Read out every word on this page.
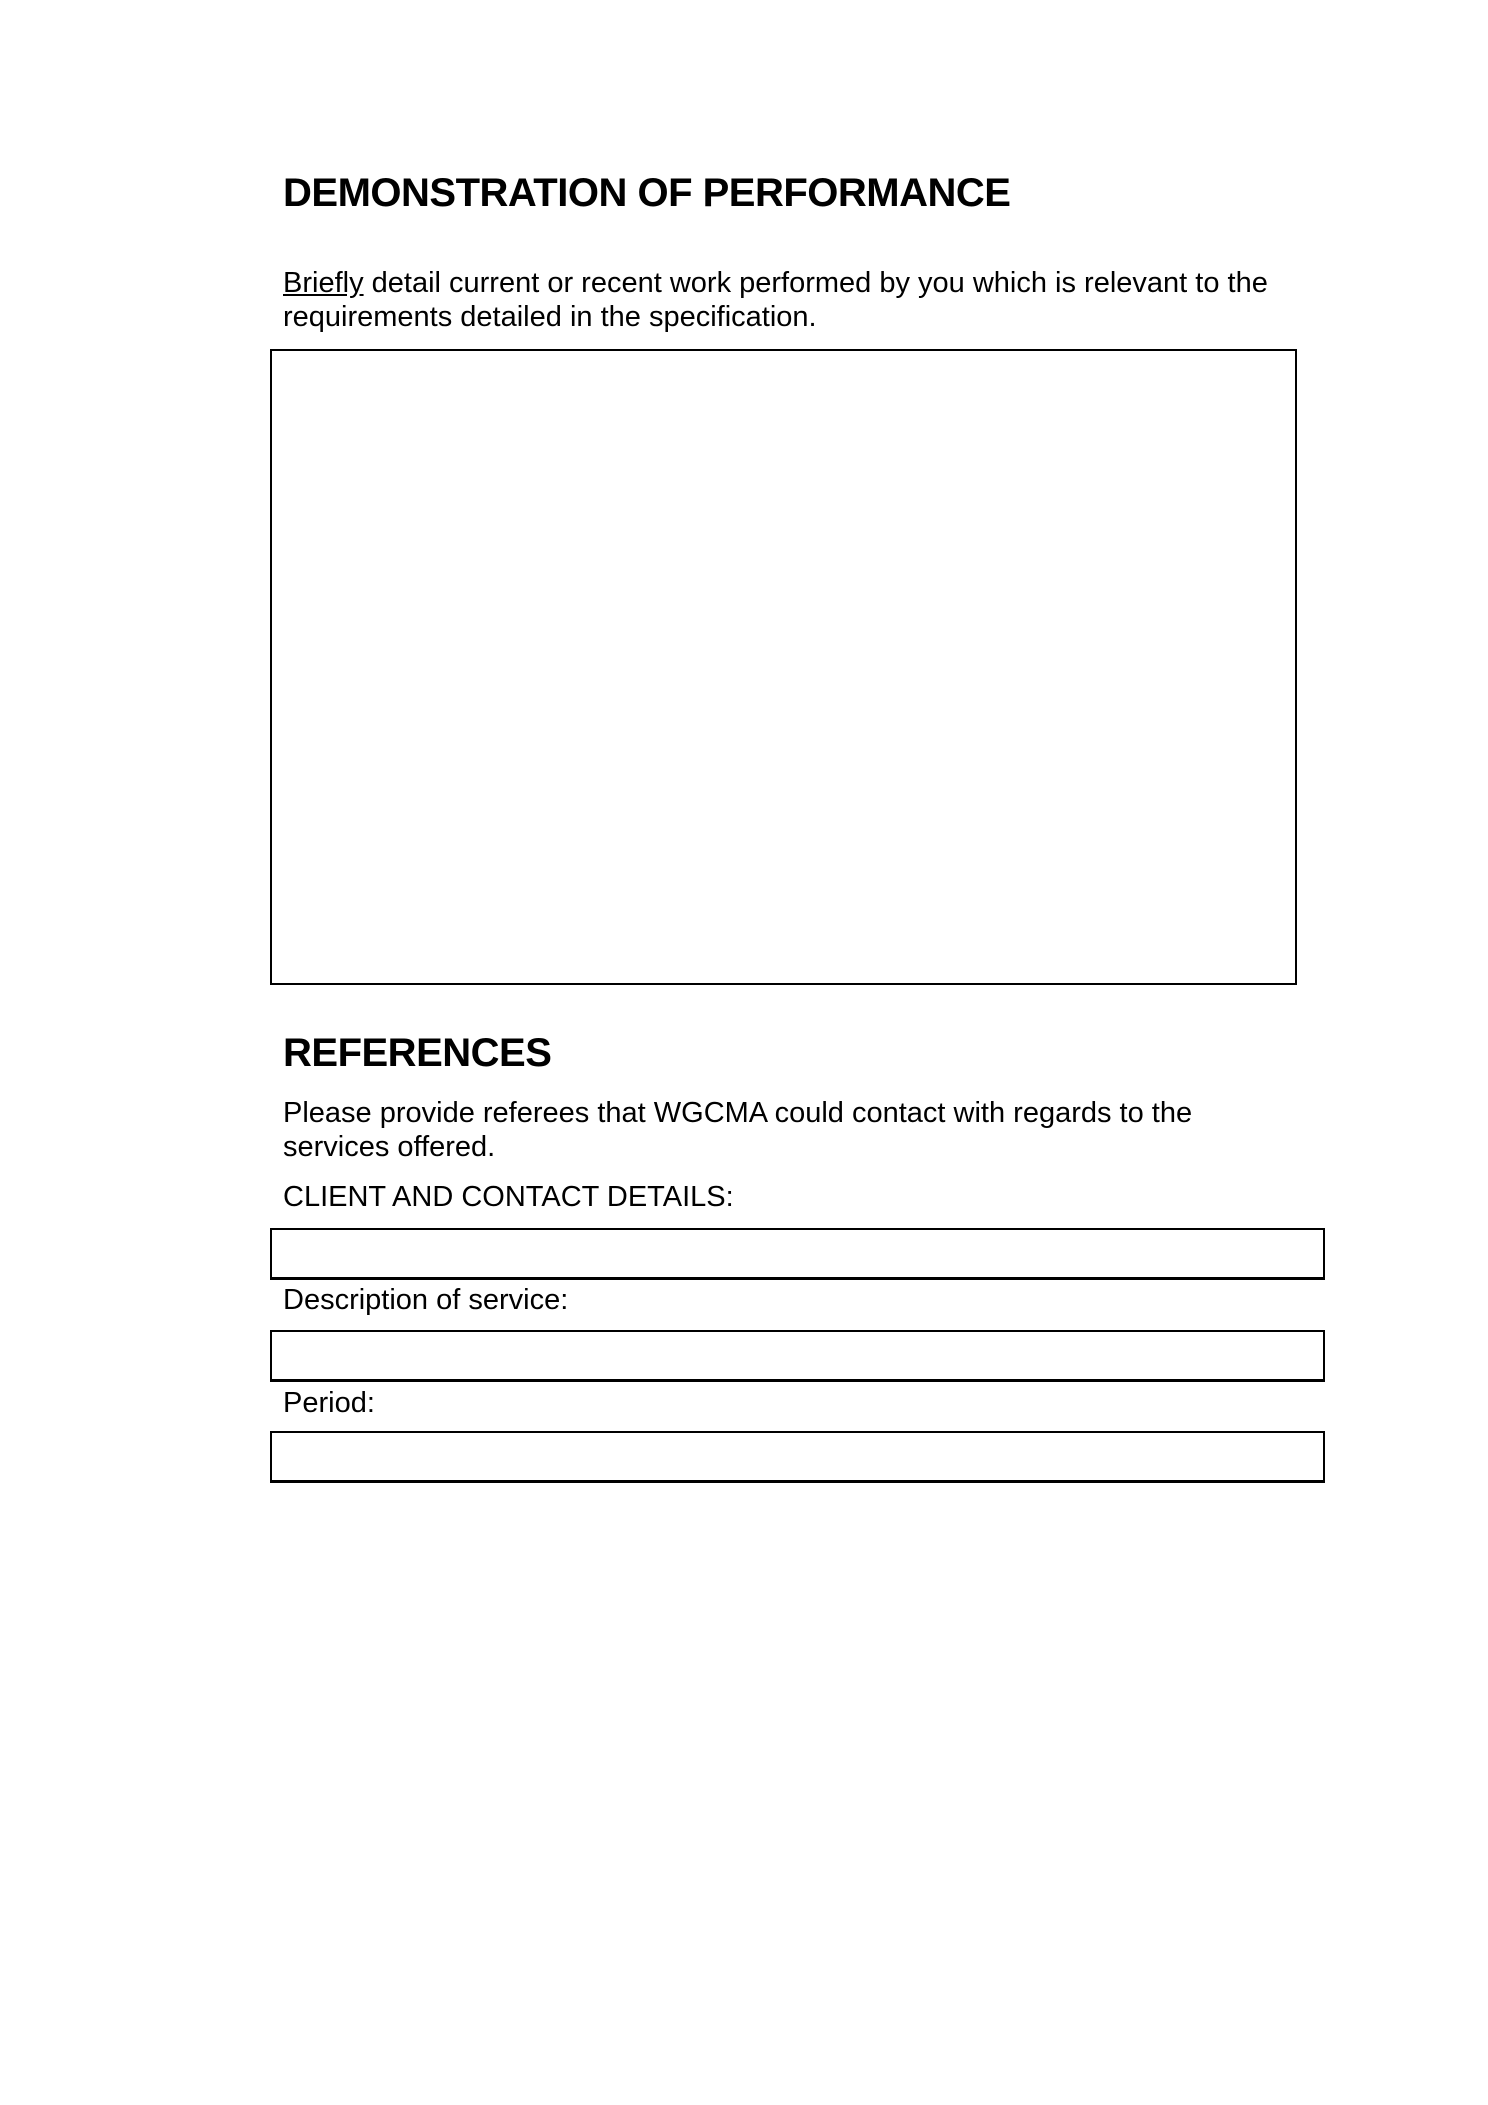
DEMONSTRATION OF PERFORMANCE
Briefly detail current or recent work performed by you which is relevant to the
requirements detailed in the specification.
REFERENCES
Please provide referees that WGCMA could contact with regards to the
services offered.
CLIENT AND CONTACT DETAILS:
Description of service:
Period:
